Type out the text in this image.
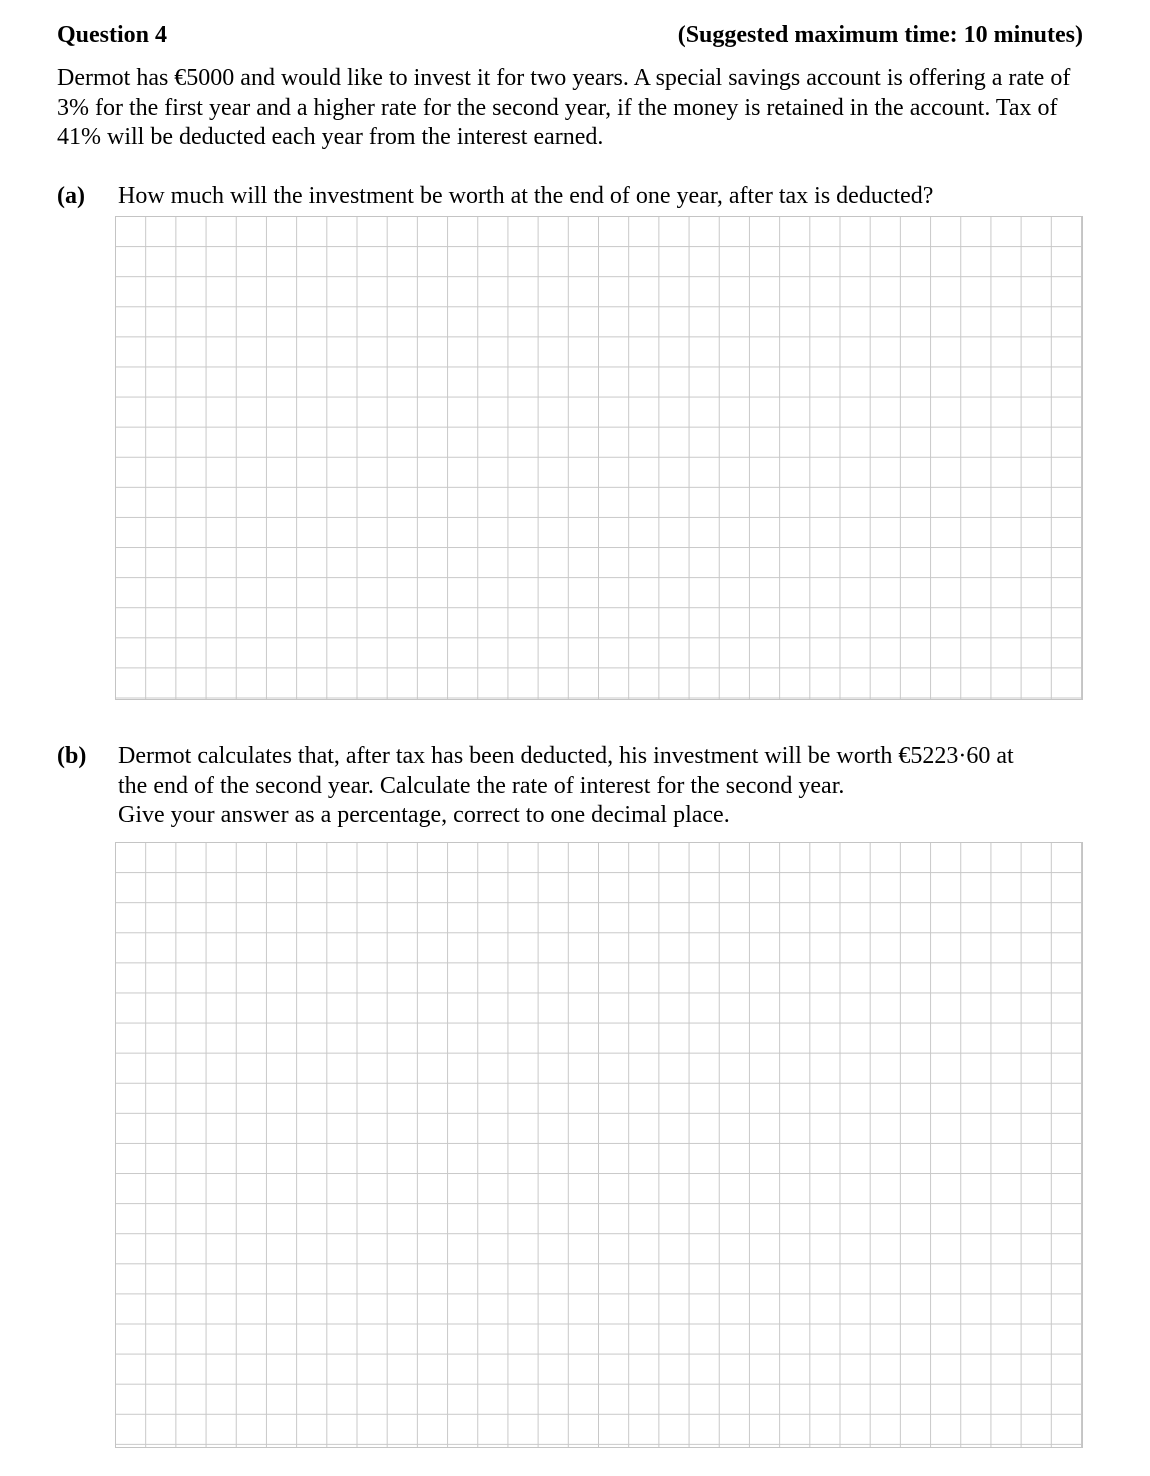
Question 4	(Suggested maximum time: 10 minutes)
Dermot has €5000 and would like to invest it for two years. A special savings account is offering a rate of 3% for the first year and a higher rate for the second year, if the money is retained in the account. Tax of 41% will be deducted each year from the interest earned.
(a) How much will the investment be worth at the end of one year, after tax is deducted?
(b) Dermot calculates that, after tax has been deducted, his investment will be worth €5223·60 at
the end of the second year. Calculate the rate of interest for the second year.
Give your answer as a percentage, correct to one decimal place.
